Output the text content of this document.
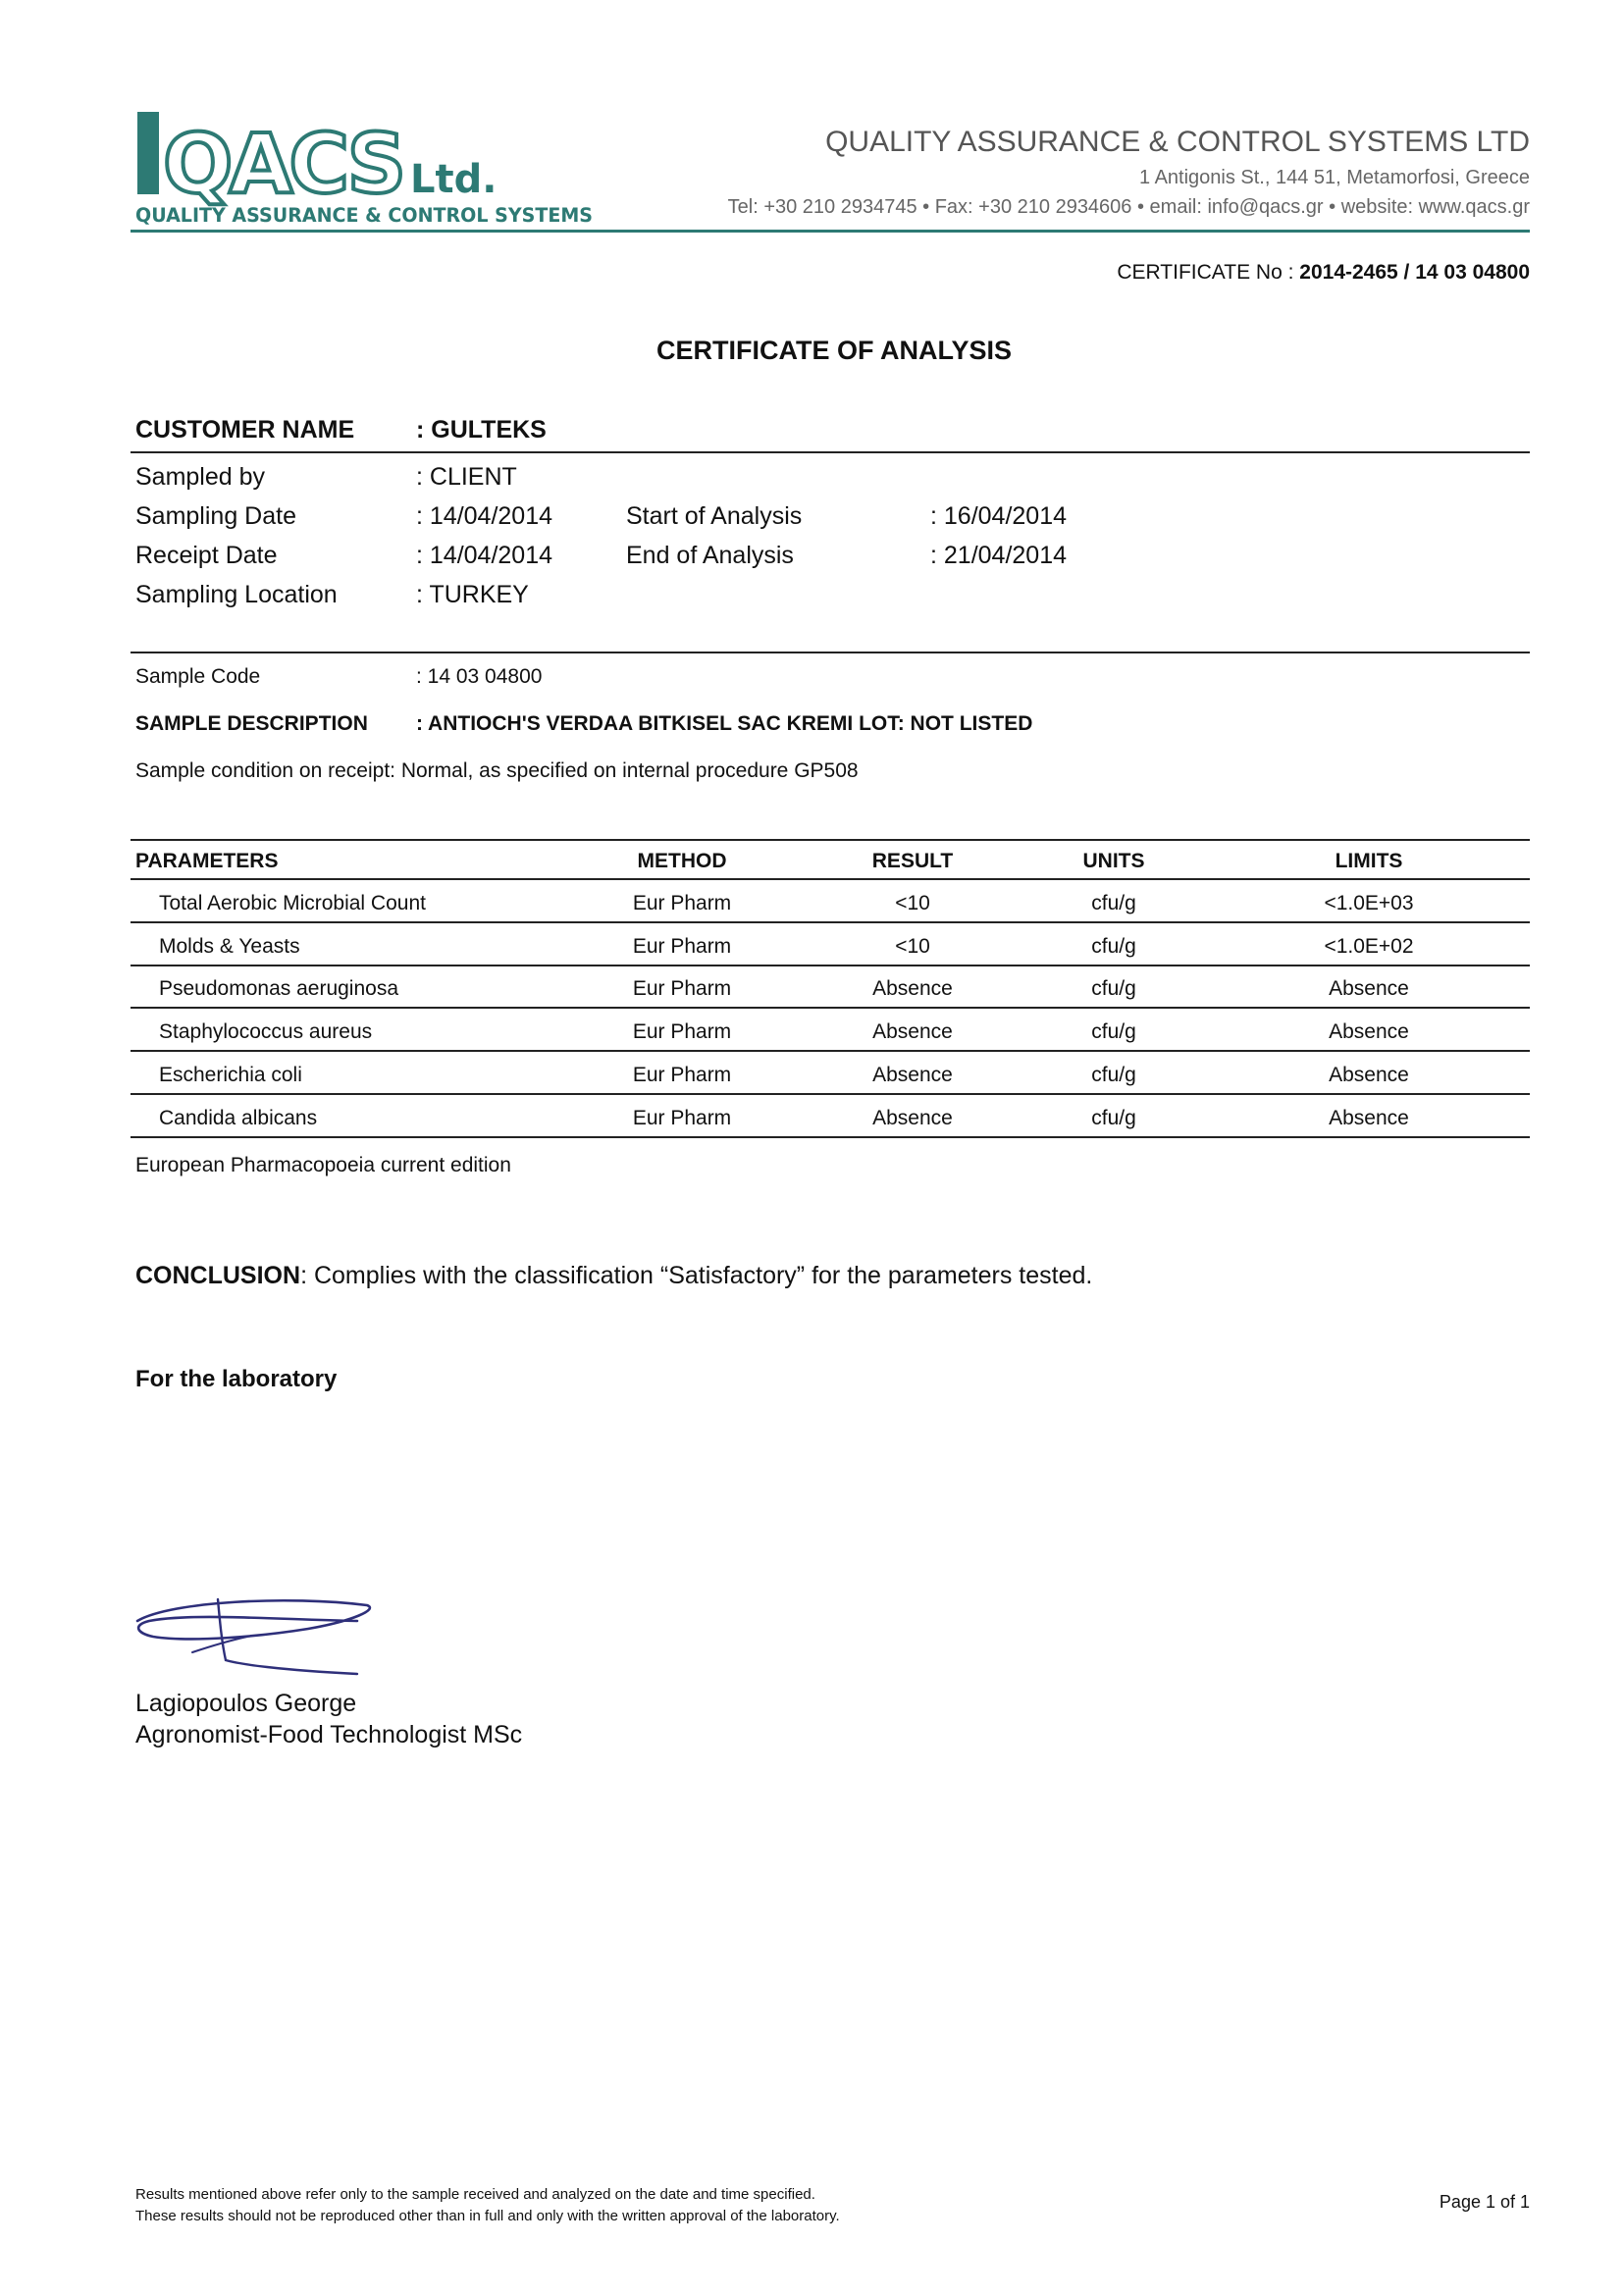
QACS Ltd.
QUALITY ASSURANCE & CONTROL SYSTEMS
QUALITY ASSURANCE & CONTROL SYSTEMS LTD
1 Antigonis St., 144 51, Metamorfosi, Greece
Tel: +30 210 2934745 • Fax: +30 210 2934606 • email: info@qacs.gr • website: www.qacs.gr
CERTIFICATE No : 2014-2465 / 14 03 04800
CERTIFICATE OF ANALYSIS
CUSTOMER NAME	: GULTEKS
Sampled by	: CLIENT
Sampling Date	: 14/04/2014	Start of Analysis	: 16/04/2014
Receipt Date	: 14/04/2014	End of Analysis	: 21/04/2014
Sampling Location	: TURKEY
Sample Code	: 14 03 04800
SAMPLE DESCRIPTION : ANTIOCH'S VERDAA BITKISEL SAC KREMI LOT: NOT LISTED
Sample condition on receipt: Normal, as specified on internal procedure GP508
PARAMETERS	METHOD	RESULT	UNITS	LIMITS
Total Aerobic Microbial Count	Eur Pharm	<10	cfu/g	<1.0E+03
Molds & Yeasts	Eur Pharm	<10	cfu/g	<1.0E+02
Pseudomonas aeruginosa	Eur Pharm	Absence	cfu/g	Absence
Staphylococcus aureus	Eur Pharm	Absence	cfu/g	Absence
Escherichia coli	Eur Pharm	Absence	cfu/g	Absence
Candida albicans	Eur Pharm	Absence	cfu/g	Absence
European Pharmacopoeia current edition
CONCLUSION: Complies with the classification “Satisfactory” for the parameters tested.
For the laboratory
Lagiopoulos George
Agronomist-Food Technologist MSc
Results mentioned above refer only to the sample received and analyzed on the date and time specified.
These results should not be reproduced other than in full and only with the written approval of the laboratory.
Page 1 of 1
